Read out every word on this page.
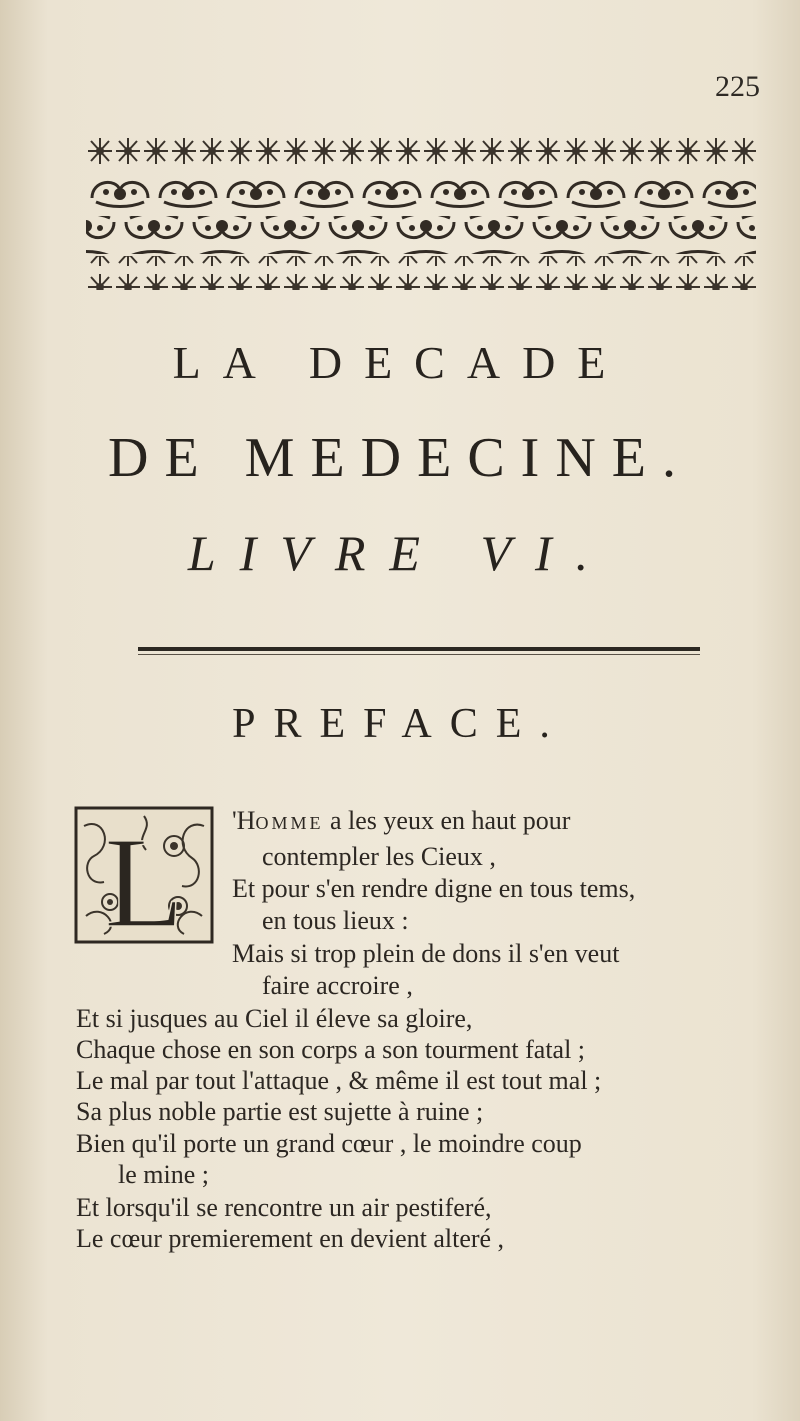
225
LA DECADE
DE MEDECINE.
LIVRE VI.
PREFACE.
L 'Homme a les yeux en haut pour
contempler les Cieux ,
Et pour s'en rendre digne en tous tems,
en tous lieux :
Mais si trop plein de dons il s'en veut
faire accroire ,
Et si jusques au Ciel il éleve sa gloire,
Chaque chose en son corps a son tourment fatal ;
Le mal par tout l'attaque , & même il est tout mal ;
Sa plus noble partie est sujette à ruine ;
Bien qu'il porte un grand cœur , le moindre coup
le mine ;
Et lorsqu'il se rencontre un air pestiferé,
Le cœur premierement en devient alteré ,
